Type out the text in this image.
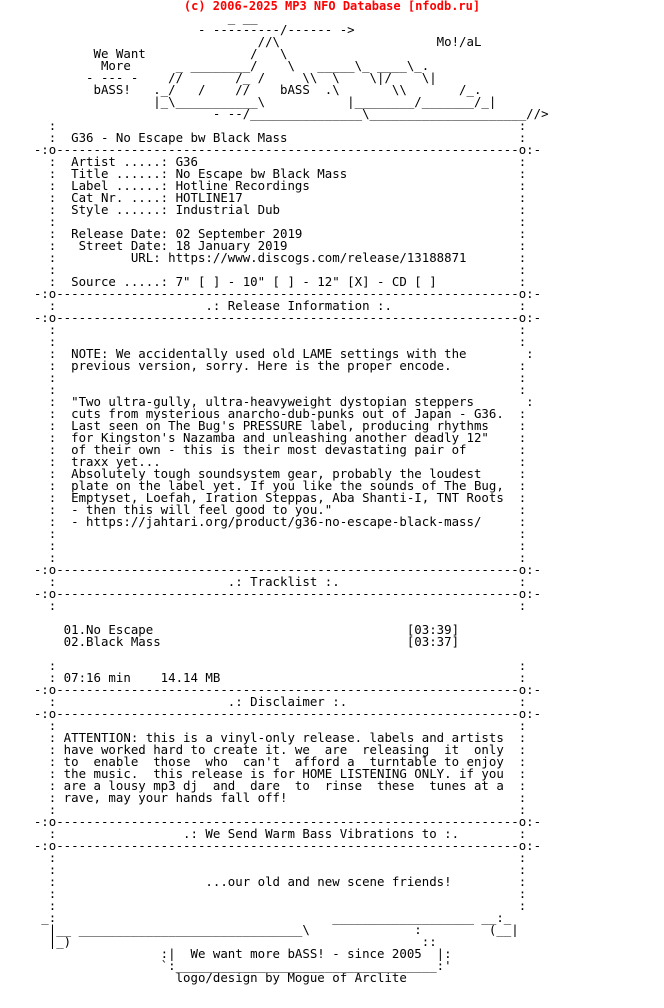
(c) 2006-2025 MP3 NFO Database [nfodb.ru]
_ __
- ---------/------ ->
//\                     Mo!/aL
We Want              /   \
More      _ ________/    \   _____\_ ____\_.
- --- -    //       /_ /     \\  \    \|/    \|
bASS!   ._/   /    //    bASS  .\       \\       /_.
|_\___________\           |________/_______/_|
- --/_______________\_____________________//>
:                                                              :
:  G36 - No Escape bw Black Mass                               :
-:o--------------------------------------------------------------o:-
:  Artist .....: G36                                           :
:  Title ......: No Escape bw Black Mass                       :
:  Label ......: Hotline Recordings                            :
:  Cat Nr. ....: HOTLINE17                                     :
:  Style ......: Industrial Dub                                :
:                                                              :
:  Release Date: 02 September 2019                             :
:   Street Date: 18 January 2019                               :
:          URL: https://www.discogs.com/release/13188871       :
:                                                              :
:  Source .....: 7" [ ] - 10" [ ] - 12" [X] - CD [ ]           :
-:o--------------------------------------------------------------o:-
:                    .: Release Information :.                 :
-:o--------------------------------------------------------------o:-
:                                                              :
:                                                              :
:  NOTE: We accidentally used old LAME settings with the        :
:  previous version, sorry. Here is the proper encode.         :
:                                                              :
:                                                              :
:  "Two ultra-gully, ultra-heavyweight dystopian steppers       :
:  cuts from mysterious anarcho-dub-punks out of Japan - G36.  :
:  Last seen on The Bug's PRESSURE label, producing rhythms    :
:  for Kingston's Nazamba and unleashing another deadly 12"    :
:  of their own - this is their most devastating pair of       :
:  traxx yet...                                                :
:  Absolutely tough soundsystem gear, probably the loudest     :
:  plate on the label yet. If you like the sounds of The Bug,  :
:  Emptyset, Loefah, Iration Steppas, Aba Shanti-I, TNT Roots  :
:  - then this will feel good to you."                         :
:  - https://jahtari.org/product/g36-no-escape-black-mass/     :
:                                                              :
:                                                              :
:                                                              :
-:o--------------------------------------------------------------o:-
:                       .: Tracklist :.                        :
-:o--------------------------------------------------------------o:-
:                                                              :

01.No Escape                                  [03:39]
02.Black Mass                                 [03:37]

:                                                              :
: 07:16 min    14.14 MB                                        :
-:o--------------------------------------------------------------o:-
:                       .: Disclaimer :.                       :
-:o--------------------------------------------------------------o:-
:                                                              :
: ATTENTION: this is a vinyl-only release. labels and artists  :
: have worked hard to create it. we  are  releasing  it  only  :
: to  enable  those  who  can't  afford a  turntable to enjoy  :
: the music.  this release is for HOME LISTENING ONLY. if you  :
: are a lousy mp3 dj  and  dare  to  rinse  these  tunes at a  :
: rave, may your hands fall off!                               :
:                                                              :
-:o--------------------------------------------------------------o:-
:                 .: We Send Warm Bass Vibrations to :.        :
-:o--------------------------------------------------------------o:-
:                                                              :
:                                                              :
:                    ...our old and new scene friends!         :
:                                                              :
:                                                              :
_:                                     ___________________ __:_
|__ ______________________________\              :         (__|
|_)                                               ::
:|  We want more bASS! - since 2005  |:
`:___________________________________:'
logo/design by Mogue of Arclite
